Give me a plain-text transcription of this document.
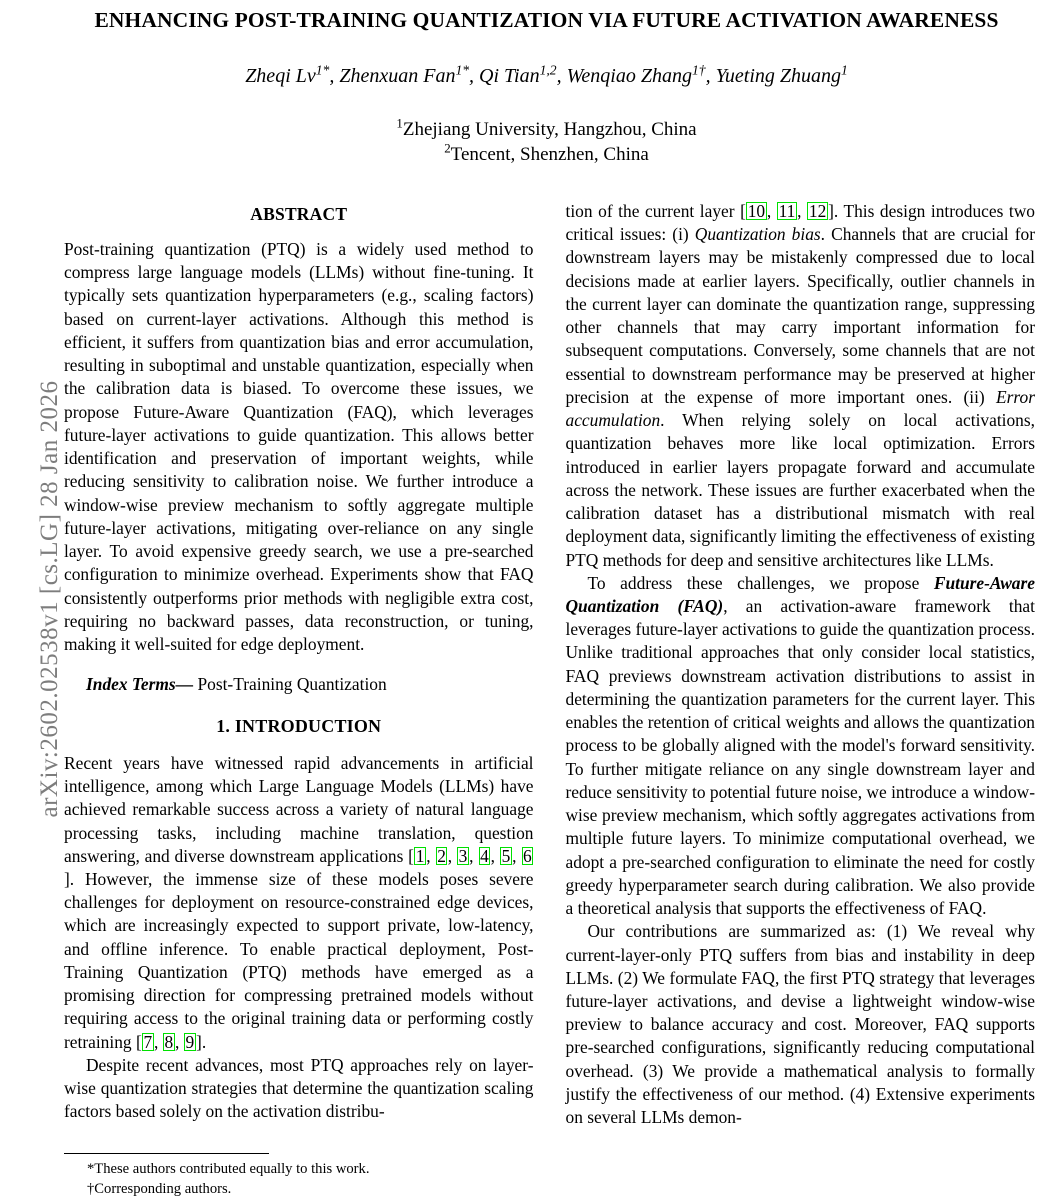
arXiv:2602.02538v1 [cs.LG] 28 Jan 2026
ENHANCING POST-TRAINING QUANTIZATION VIA FUTURE ACTIVATION AWARENESS
Zheqi $Lv^{1*}$, Zhenxuan Fan$^{1*}$, Qi Tian$^{1,2}$, Wenqiao Zhang$^{1\dagger}$, Yueting Zhuang$^1$
$^1$Zhejiang University, Hangzhou, China
$^2$Tencent, Shenzhen, China
ABSTRACT

Post-training quantization (PTQ) is a widely used method to compress large language models (LLMs) without fine-tuning. It typically sets quantization hyperparameters (e.g., scaling factors) based on current-layer activations. Although this method is efficient, it suffers from quantization bias and error accumulation, resulting in suboptimal and unstable quantization, especially when the calibration data is biased. To overcome these issues, we propose Future-Aware Quantization (FAQ), which leverages future-layer activations to guide quantization. This allows better identification and preservation of important weights, while reducing sensitivity to calibration noise. We further introduce a window-wise preview mechanism to softly aggregate multiple future-layer activations, mitigating over-reliance on any single layer. To avoid expensive greedy search, we use a pre-searched configuration to minimize overhead. Experiments show that FAQ consistently outperforms prior methods with negligible extra cost, requiring no backward passes, data reconstruction, or tuning, making it well-suited for edge deployment.

Index Terms— Post-Training Quantization

1. INTRODUCTION

Recent years have witnessed rapid advancements in artificial intelligence, among which Large Language Models (LLMs) have achieved remarkable success across a variety of natural language processing tasks, including machine translation, question answering, and diverse downstream applications [ 1 , 2 , 3 , 4 , 5 , 6]. However, the immense size of these models poses severe challenges for deployment on resource-constrained edge devices, which are increasingly expected to support private, low-latency, and offline inference. To enable practical deployment, Post-Training Quantization (PTQ) methods have emerged as a promising direction for compressing pretrained models without requiring access to the original training data or performing costly retraining [ 7 , 8 , 9 ].

Despite recent advances, most PTQ approaches rely on layer-wise quantization strategies that determine the quantization scaling factors based solely on the activation distribu-

*These authors contributed equally to this work.

†Corresponding authors.

tion of the current layer [ 10 , 11 , 12 ]. This design introduces two critical issues: (i) Quantization bias. Channels that are crucial for downstream layers may be mistakenly compressed due to local decisions made at earlier layers. Specifically, outlier channels in the current layer can dominate the quantization range, suppressing other channels that may carry important information for subsequent computations. Conversely, some channels that are not essential to downstream performance may be preserved at higher precision at the expense of more important ones. (ii) Error accumulation. When relying solely on local activations, quantization behaves more like local optimization. Errors introduced in earlier layers propagate forward and accumulate across the network. These issues are further exacerbated when the calibration dataset has a distributional mismatch with real deployment data, significantly limiting the effectiveness of existing PTQ methods for deep and sensitive architectures like LLMs.

To address these challenges, we propose Future-Aware Quantization (FAQ), an activation-aware framework that leverages future-layer activations to guide the quantization process. Unlike traditional approaches that only consider local statistics, FAQ previews downstream activation distributions to assist in determining the quantization parameters for the current layer. This enables the retention of critical weights and allows the quantization process to be globally aligned with the model's forward sensitivity. To further mitigate reliance on any single downstream layer and reduce sensitivity to potential future noise, we introduce a window-wise preview mechanism, which softly aggregates activations from multiple future layers. To minimize computational overhead, we adopt a pre-searched configuration to eliminate the need for costly greedy hyperparameter search during calibration. We also provide a theoretical analysis that supports the effectiveness of FAQ.

Our contributions are summarized as: (1) We reveal why current-layer-only PTQ suffers from bias and instability in deep LLMs. (2) We formulate FAQ, the first PTQ strategy that leverages future-layer activations, and devise a lightweight window-wise preview to balance accuracy and cost. Moreover, FAQ supports pre-searched configurations, significantly reducing computational overhead. (3) We provide a mathematical analysis to formally justify the effectiveness of our method. (4) Extensive experiments on several LLMs demon-
